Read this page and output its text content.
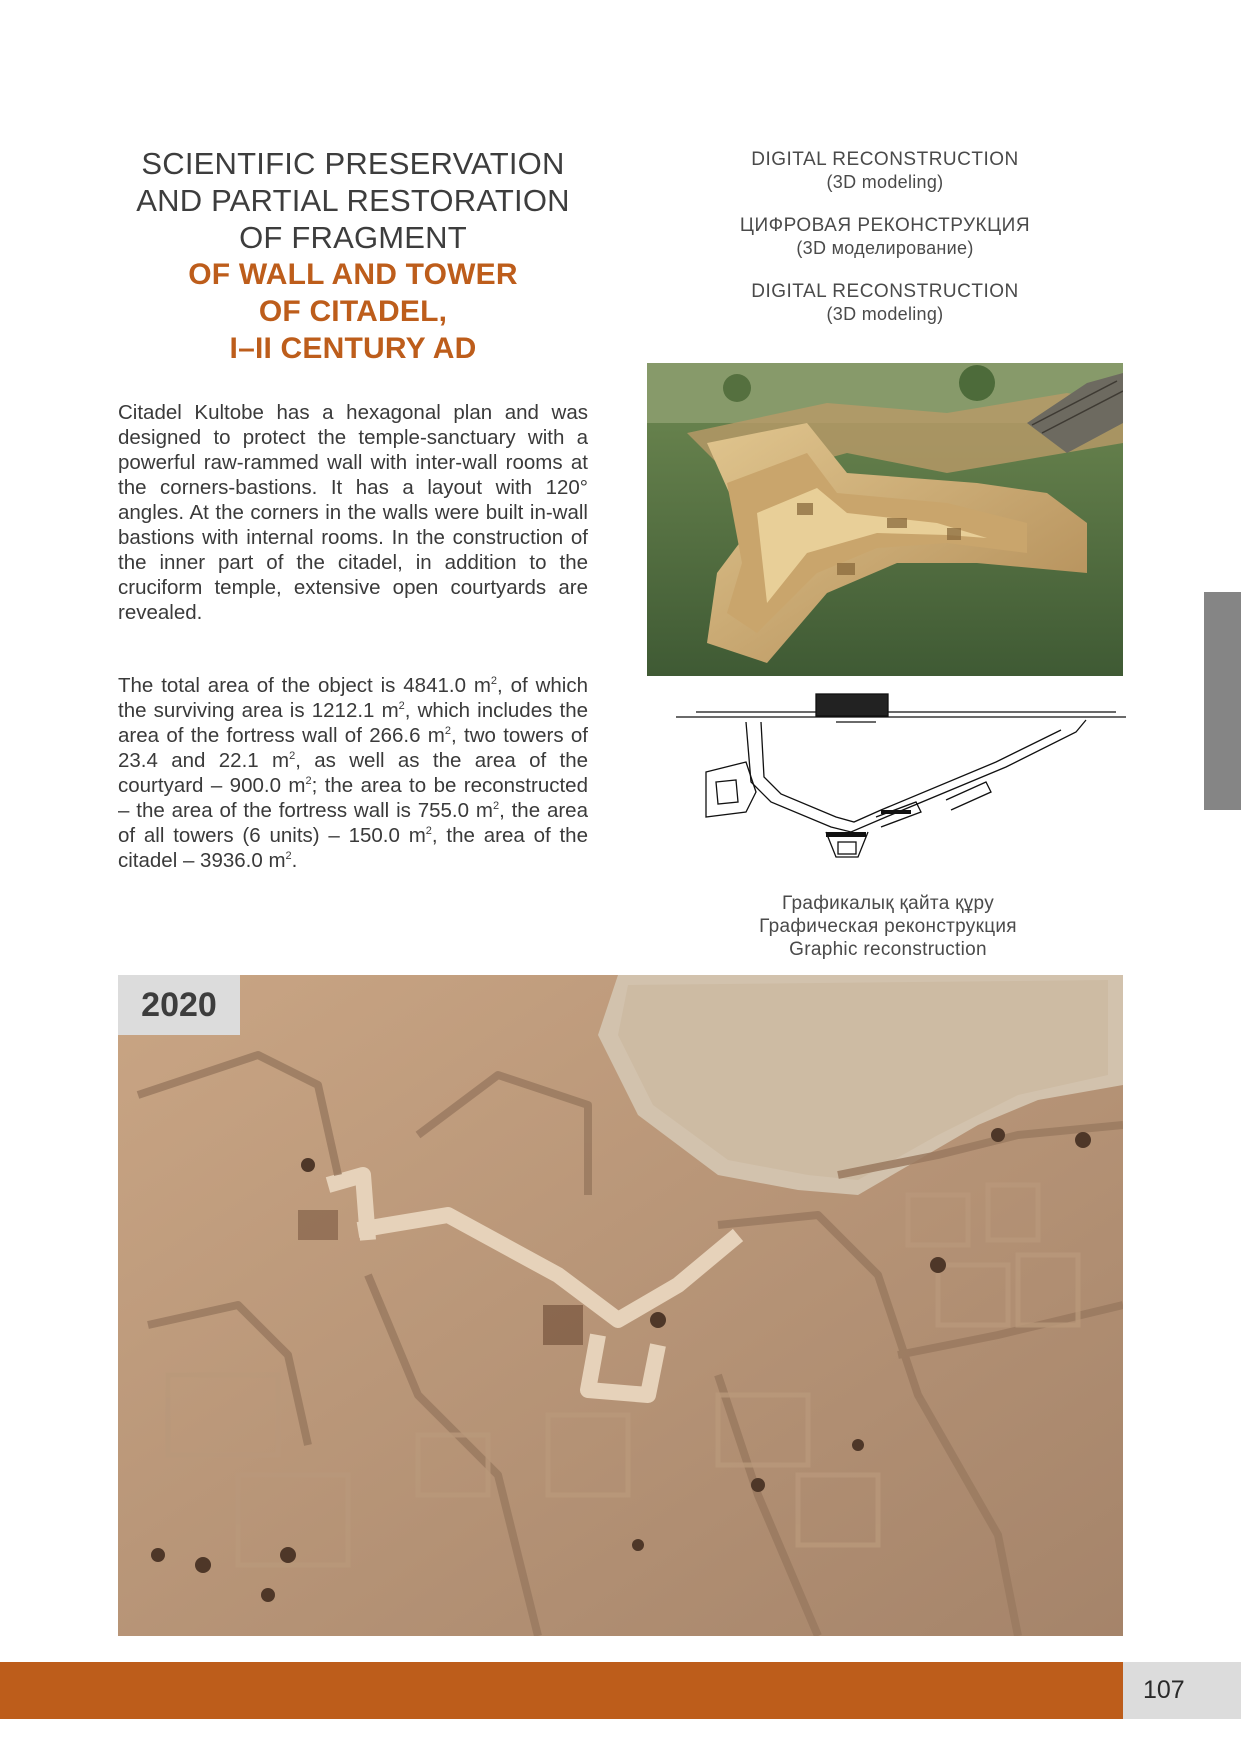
SCIENTIFIC PRESERVATION
AND PARTIAL RESTORATION
OF FRAGMENT
OF WALL AND TOWER
OF CITADEL,
I–II CENTURY AD

Citadel Kultobe has a hexagonal plan and was designed to protect the temple-sanctuary with a powerful raw-rammed wall with inter-wall rooms at the corners-bastions. It has a layout with 120° angles. At the corners in the walls were built in-wall bastions with internal rooms. In the construction of the inner part of the citadel, in addition to the cruciform temple, extensive open courtyards are revealed.

The total area of the object is 4841.0 $m^2$, of which the surviving area is 1212.1 $m^2$, which includes the area of the fortress wall of 266.6 $m^2$, two towers of 23.4 and 22.1 $m^2$, as well as the area of the courtyard – 900.0 $m^2$; the area to be reconstructed – the area of the fortress wall is 755.0 $m^2$, the area of all towers (6 units) – 150.0 $m^2$, the area of the citadel – 3936.0 $m^2$.

DIGITAL RECONSTRUCTION
(3D modeling)
ЦИФРОВАЯ РЕКОНСТРУКЦИЯ
(3D моделирование)
DIGITAL RECONSTRUCTION
(3D modeling)
Графикалық қайта құру
Графическая реконструкция
Graphic reconstruction
2020
107
